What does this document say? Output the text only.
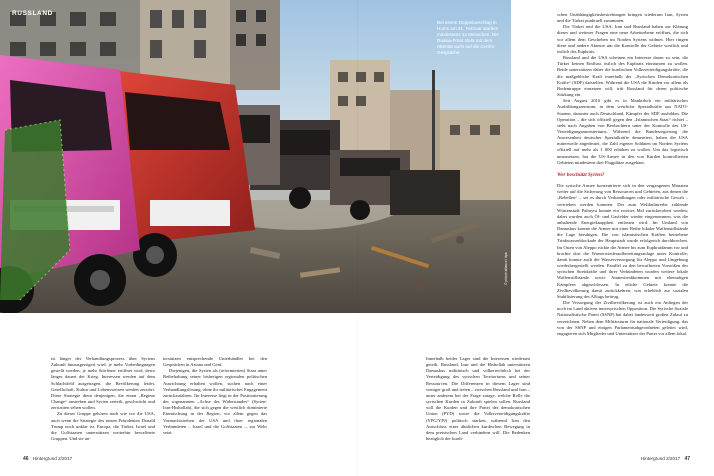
RUSSLAND
Bei einem Doppelanschlag in Homs am 21. Februar starben mindestens 42 Menschen. Die Russia-Front steht mit dem Attentat auch auf die Genfer Gespräche.
© picture alliance / dpa

ist länger der Verhandlungsprozess über Syriens Zukunft hinausgezögert wird, je mehr Vorbedingungen gestellt werden, je mehr Störfeuer eröffnet wird, desto länger dauert der Krieg. Interessen werden auf dem Schlachtfeld ausgetragen, die Bevölkerung leidet, Gesellschaft, Kultur und Lebensweisen werden zerstört. Diese Strategie dient denjenigen, die einen „Regime Change“ anstreben und Syrien zerteilt, geschwächt und zerstritten sehen wollen.

Zu dieser Gruppe gehören nach wie vor die USA, auch wenn die Strategie des neuen Präsidenten Donald Trump noch unklar ist. Europa, die Türkei, Israel und die Golfstaaten unterstützen weiterhin bewaffnete Gruppen. Und sie un-

terstützen entsprechende Unterhändler bei den Gesprächen in Astana und Genf.

Diejenigen, die Syrien als (reformierten) Staat unter Beibehaltung seiner bisherigen regionalen politischen Ausrichtung erhalten wollen, suchen nach einer Verhandlungslösung, ohne ihr militärisches Engagement zurückzufahren. Ihr Interesse liegt in der Positionierung der sogenannten „Achse des Widerstandes“ (Syrien-Iran-Hisbollah), die sich gegen die westlich dominierte Einmischung in der Region, vor allem gegen das Vormachtstreben der USA und ihrer regionalen Verbündeten – Israel und die Golfstaaten –, zur Wehr setzt.

Innerhalb beider Lager sind die Interessen wiederum geteilt. Russland, Iran und die Hisbollah unterstützen Damaskus militärisch und völkerrechtlich bei der Verteidigung des syrischen Territoriums und seiner Ressourcen. Die Differenzen in diesem Lager sind weniger groß und treten – zwischen Russland und Iran – unter anderem bei der Frage zutage, welche Rolle die syrischen Kurden in Zukunft spielen sollen. Russland will die Kurden und ihre Partei der demokratischen Union (PYD) sowie die Volksverteidigungskräfte (YPG/YPJ) politisch stärken, während Iran den Ausschluss einer ähnlichen kurdischen Bewegung in dem preisischen Land verhindern will. Die Bedenken bezüglich der kurdi-

schen Unabhängigkeitsbestrebungen bringen wiederum Iran, Syrien und die Türkei punktuell zusammen.

Die Türkei und die USA, Iran und Russland haben zur Klärung dieser und weiterer Fragen eine neue Arbeitsebene eröffnet, die sich vor allem dem Geschehen im Norden Syriens widmet. Hier ringen diese und andere Akteure um die Kontrolle der Gebiete westlich und östlich des Euphrats.

Russland und die USA scheinen ein Interesse daran zu sein, die Türkei keinen Einfluss östlich des Euphrats einräumen zu wollen. Beide unterstützen daher die kurdischen Volksverteidigungskräfte, die die maßgebliche Kraft innerhalb der „Syrischen Demokratischen Kräfte“ (SDF) darstellen. Während die USA die Kurden vor allem als Bodentruppe einsetzen will, tritt Russland für deren politische Stärkung ein.

Seit August 2016 gibt es in Manbidsch ein militärisches Ausbildungszentrum, in dem westliche Spezialkräfte aus NATO-Staaten, darunter auch Deutschland, Kämpfer der SDF ausbilden. Die Operation – die sich offiziell gegen den „Islamischen Staat“ richtet – steht nach Angaben von Beobachtern unter der Kontrolle des US-Verteidigungsministeriums. Während die Bundesregierung die Anwesenheit deutscher Spezialkräfte dementiert, haben die USA mitterweile angedeutet, die Zahl eigener Soldaten im Norden Syriens offiziell auf mehr als 1 000 erhöhen zu wollen. Um das logistisch umzusetzen, hat die US-Armee in den von Kurden kontrollierten Gebieten mindestens drei Flugplätze ausgebaut.

Wer beschützt Syrien?

Die syrische Armee konzentrierte sich in den vergangenen Monaten weiter auf die Sicherung von Ressourcen und Gebieten, aus denen die „Rebellen“ – sei es durch Verhandlungen oder militärische Gewalt – vertrieben werden konnten. Der zum Weltkulturerbe zählende Wüstenstadt Palmyra konnte ein zweites Mal zurückerobert werden; dabei wurden auch Öl- und Gasfelder wieder eingenommen, was die anhaltende Energieknappheit entlasten wird. Im Umland von Damaskus konnte die Armee mit einer Reihe lokaler Waffenstillstände die Lage beruhigen. Die von islamistischen Kräften betriebene Trinkwasserblockade der Hauptstadt wurde erfolgreich durchbrochen. Im Osten von Aleppo rückte die Armee bis zum Euphratdamm vor und brachte dort die Wasserwiederaufbereitungsanlage unter Kontrolle; damit konnte auch die Wasserversorgung für Aleppo und Umgebung wiederhergestellt werden. Parallel zu den bewaffneten Vorstößen der syrischen Streitkräfte und ihrer Verbündeten wurden weitere lokale Waffenstillstände sowie Amnestieabkommen mit ehemaligen Kämpfern abgeschlossen. In etliche Gebiete konnte die Zivilbevölkerung damit zurückkehren, was erheblich zur sozialen Stabilisierung des Alltags beitrug.

Die Versorgung der Zivilbevölkerung ist auch ein Anliegen der noch im Land aktiven innersyrischen Opposition. Die Syrische Soziale Nationalistische Partei (SSNP) hat dabei landesweit großen Zulauf zu verzeichnen. Neben dem Militärsturm für nationale Verteidigung, das von der SSNP und einigen Parlamentsabgeordneten geleitet wird, engagieren sich Mitglieder und Unterstützer der Partei vor allem lokal.

46 Hintergrund 2/2017	Hintergrund 2/2017 47
